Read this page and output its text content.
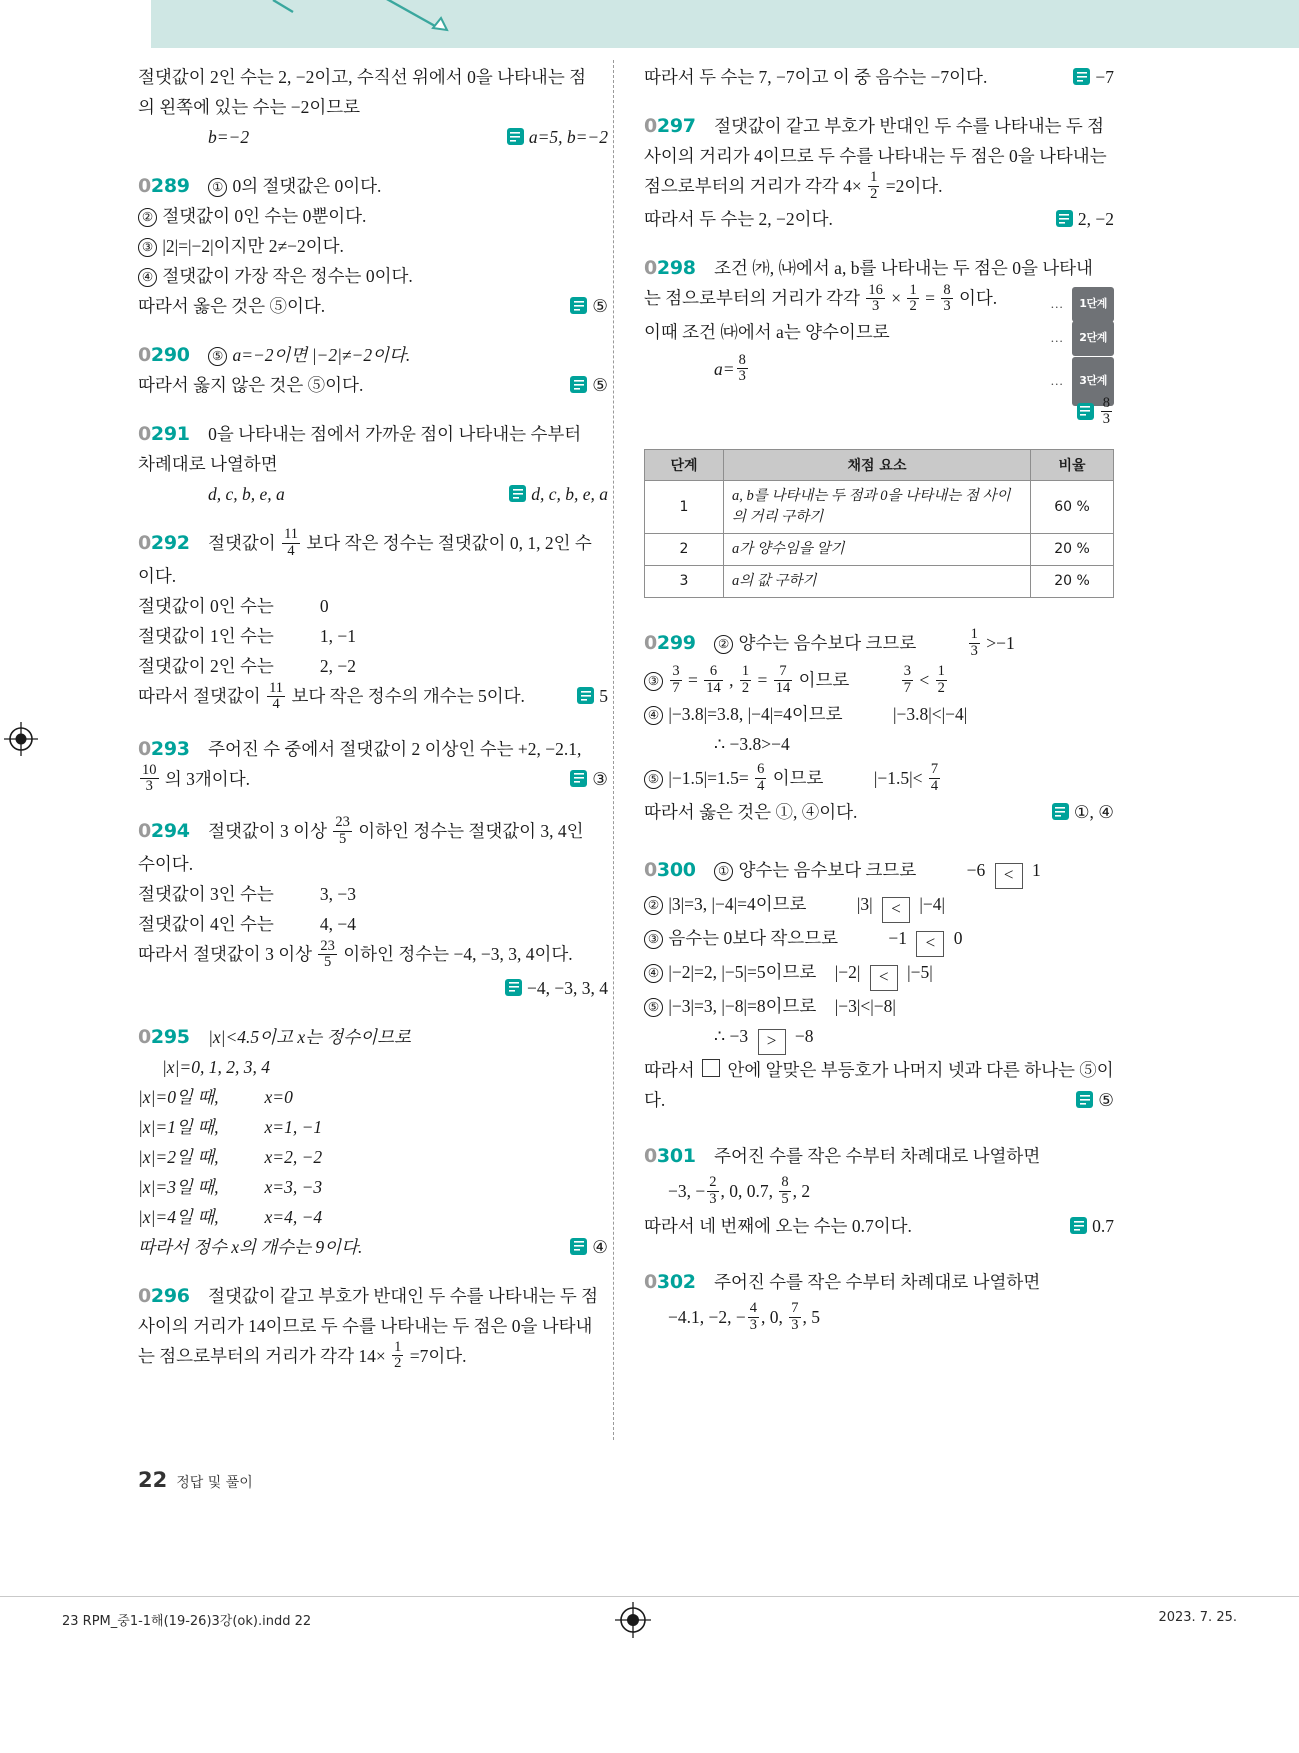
절댓값이 2인 수는 2, −2이고, 수직선 위에서 0을 나타내는 점
의 왼쪽에 있는 수는 −2이므로
b=−2	a=5, b=−2
0289 ① 0의 절댓값은 0이다.
② 절댓값이 0인 수는 0뿐이다.
③ |2|=|−2|이지만 2≠−2이다.
④ 절댓값이 가장 작은 정수는 0이다.
따라서 옳은 것은 ⑤이다.	⑤
0290 ⑤ a=−2이면 |−2|≠−2이다.
따라서 옳지 않은 것은 ⑤이다.	⑤
0291 0을 나타내는 점에서 가까운 점이 나타내는 수부터
차례대로 나열하면
d, c, b, e, a	d, c, b, e, a
0292 절댓값이 $\frac{11}{4}$ 보다 작은 정수는 절댓값이 0, 1, 2인 수
이다.
절댓값이 0인 수는	0
절댓값이 1인 수는	1, −1
절댓값이 2인 수는	2, −2
따라서 절댓값이 $\frac{11}{4}$ 보다 작은 정수의 개수는 5이다.	5
0293 주어진 수 중에서 절댓값이 2 이상인 수는 +2, −2.1,
$\frac{10}{3}$ 의 3개이다.	③
0294 절댓값이 3 이상 $\frac{23}{5}$ 이하인 정수는 절댓값이 3, 4인
수이다.
절댓값이 3인 수는	3, −3
절댓값이 4인 수는	4, −4
따라서 절댓값이 3 이상 $\frac{23}{5}$ 이하인 정수는 −4, −3, 3, 4이다.
−4, −3, 3, 4
0295 |x|<4.5이고 x는 정수이므로
|x|=0, 1, 2, 3, 4
|x|=0일 때,	x=0
|x|=1일 때,	x=1, −1
|x|=2일 때,	x=2, −2
|x|=3일 때,	x=3, −3
|x|=4일 때,	x=4, −4
따라서 정수 x의 개수는 9이다.	④
0296 절댓값이 같고 부호가 반대인 두 수를 나타내는 두 점
사이의 거리가 14이므로 두 수를 나타내는 두 점은 0을 나타내
는 점으로부터의 거리가 각각 $14\times \frac{1}{2} =7$이다.
따라서 두 수는 7, −7이고 이 중 음수는 −7이다.	−7
0297 절댓값이 같고 부호가 반대인 두 수를 나타내는 두 점
사이의 거리가 4이므로 두 수를 나타내는 두 점은 0을 나타내는
점으로부터의 거리가 각각 $4\times \frac{1}{2} =2$이다.
따라서 두 수는 2, −2이다.	2, −2
0298 조건 ㈎, ㈏에서 a, b를 나타내는 두 점은 0을 나타내
는 점으로부터의 거리가 각각 $\frac{16}{3} \times \frac{1}{2} = \frac{8}{3}$ 이다.	… 1단계
이때 조건 ㈐에서 a는 양수이므로	… 2단계
$a= \frac{8}{3}$	… 3단계
$\frac{8}{3}$
단계	채점 요소	비율
1	a, b를 나타내는 두 점과 0을 나타내는 점 사이의 거리 구하기	60 %
2	a가 양수임을 알기	20 %
3	a의 값 구하기	20 %
0299 ② 양수는 음수보다 크므로	$\frac{1}{3} >-1$
③ $\frac{3}{7} = \frac{6}{14}$ , $\frac{1}{2} = \frac{7}{14}$ 이므로	$\frac{3}{7} < \frac{1}{2}$
④ |−3.8|=3.8, |−4|=4이므로	|−3.8|<|−4|
∴ −3.8>−4
⑤ $|-1.5|=1.5= \frac{6}{4}$ 이므로	$|-1.5|< \frac{7}{4}$
따라서 옳은 것은 ①, ④이다.	①, ④
0300 ① 양수는 음수보다 크므로	−6 < 1
② |3|=3, |−4|=4이므로	|3| < |−4|
③ 음수는 0보다 작으므로	−1 < 0
④ |−2|=2, |−5|=5이므로 |−2| < |−5|
⑤ |−3|=3, |−8|=8이므로 |−3|<|−8|
∴ −3 > −8
따라서 안에 알맞은 부등호가 나머지 넷과 다른 하나는 ⑤이
다.	⑤
0301 주어진 수를 작은 수부터 차례대로 나열하면
−3, − $\frac{2}{3}$ , 0, 0.7, $\frac{8}{5}$ , 2
따라서 네 번째에 오는 수는 0.7이다.	0.7
0302 주어진 수를 작은 수부터 차례대로 나열하면
−4.1, −2, − $\frac{4}{3}$ , 0, $\frac{7}{3}$ , 5
22 정답 및 풀이
23 RPM_중1-1해(19-26)3강(ok).indd 22	2023. 7. 25.
